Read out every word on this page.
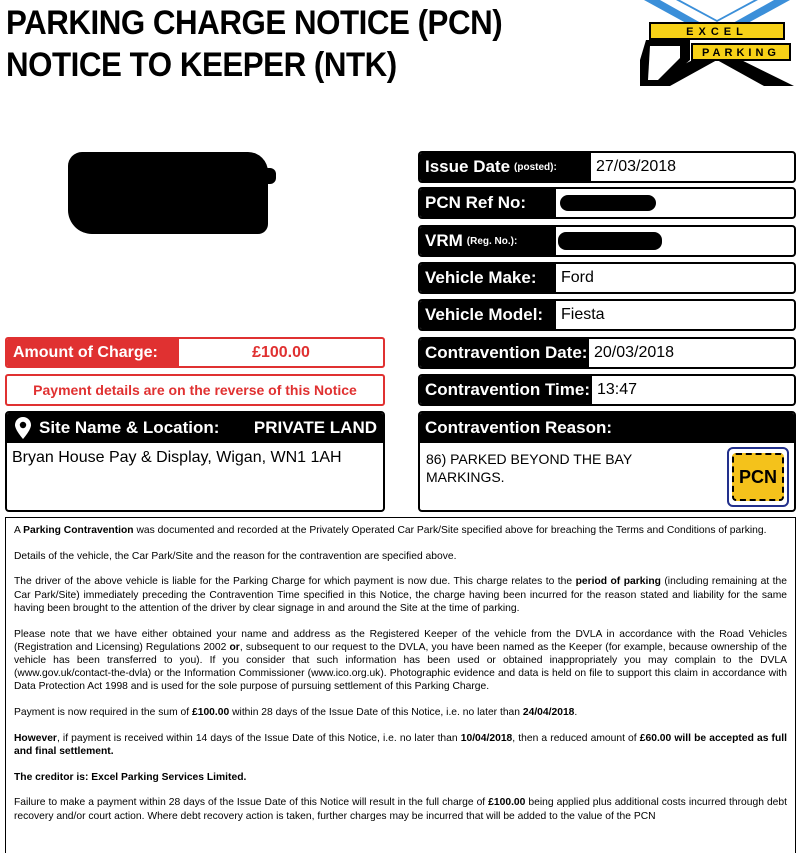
PARKING CHARGE NOTICE (PCN)
NOTICE TO KEEPER (NTK)
EXCEL
PARKING
Issue Date (posted):	27/03/2018
PCN Ref No:
VRM (Reg. No.):
Vehicle Make:	Ford
Vehicle Model:	Fiesta
Contravention Date: 20/03/2018
Contravention Time: 13:47
Amount of Charge:	£100.00
Payment details are on the reverse of this Notice
Site Name & Location:	PRIVATE LAND
Bryan House Pay & Display, Wigan, WN1 1AH
Contravention Reason:
86) PARKED BEYOND THE BAY MARKINGS.	PCN

A Parking Contravention was documented and recorded at the Privately Operated Car Park/Site specified above for breaching the Terms and Conditions of parking.

Details of the vehicle, the Car Park/Site and the reason for the contravention are specified above.

The driver of the above vehicle is liable for the Parking Charge for which payment is now due. This charge relates to the period of parking (including remaining at the Car Park/Site) immediately preceding the Contravention Time specified in this Notice, the charge having been incurred for the reason stated and liability for the same having been brought to the attention of the driver by clear signage in and around the Site at the time of parking.

Please note that we have either obtained your name and address as the Registered Keeper of the vehicle from the DVLA in accordance with the Road Vehicles (Registration and Licensing) Regulations 2002 or, subsequent to our request to the DVLA, you have been named as the Keeper (for example, because ownership of the vehicle has been transferred to you). If you consider that such information has been used or obtained inappropriately you may complain to the DVLA (www.gov.uk/contact-the-dvla) or the Information Commissioner (www.ico.org.uk). Photographic evidence and data is held on file to support this claim in accordance with Data Protection Act 1998 and is used for the sole purpose of pursuing settlement of this Parking Charge.

Payment is now required in the sum of £100.00 within 28 days of the Issue Date of this Notice, i.e. no later than 24/04/2018.

However, if payment is received within 14 days of the Issue Date of this Notice, i.e. no later than 10/04/2018, then a reduced amount of £60.00 will be accepted as full and final settlement.

The creditor is: Excel Parking Services Limited.

Failure to make a payment within 28 days of the Issue Date of this Notice will result in the full charge of £100.00 being applied plus additional costs incurred through debt recovery and/or court action. Where debt recovery action is taken, further charges may be incurred that will be added to the value of the PCN
